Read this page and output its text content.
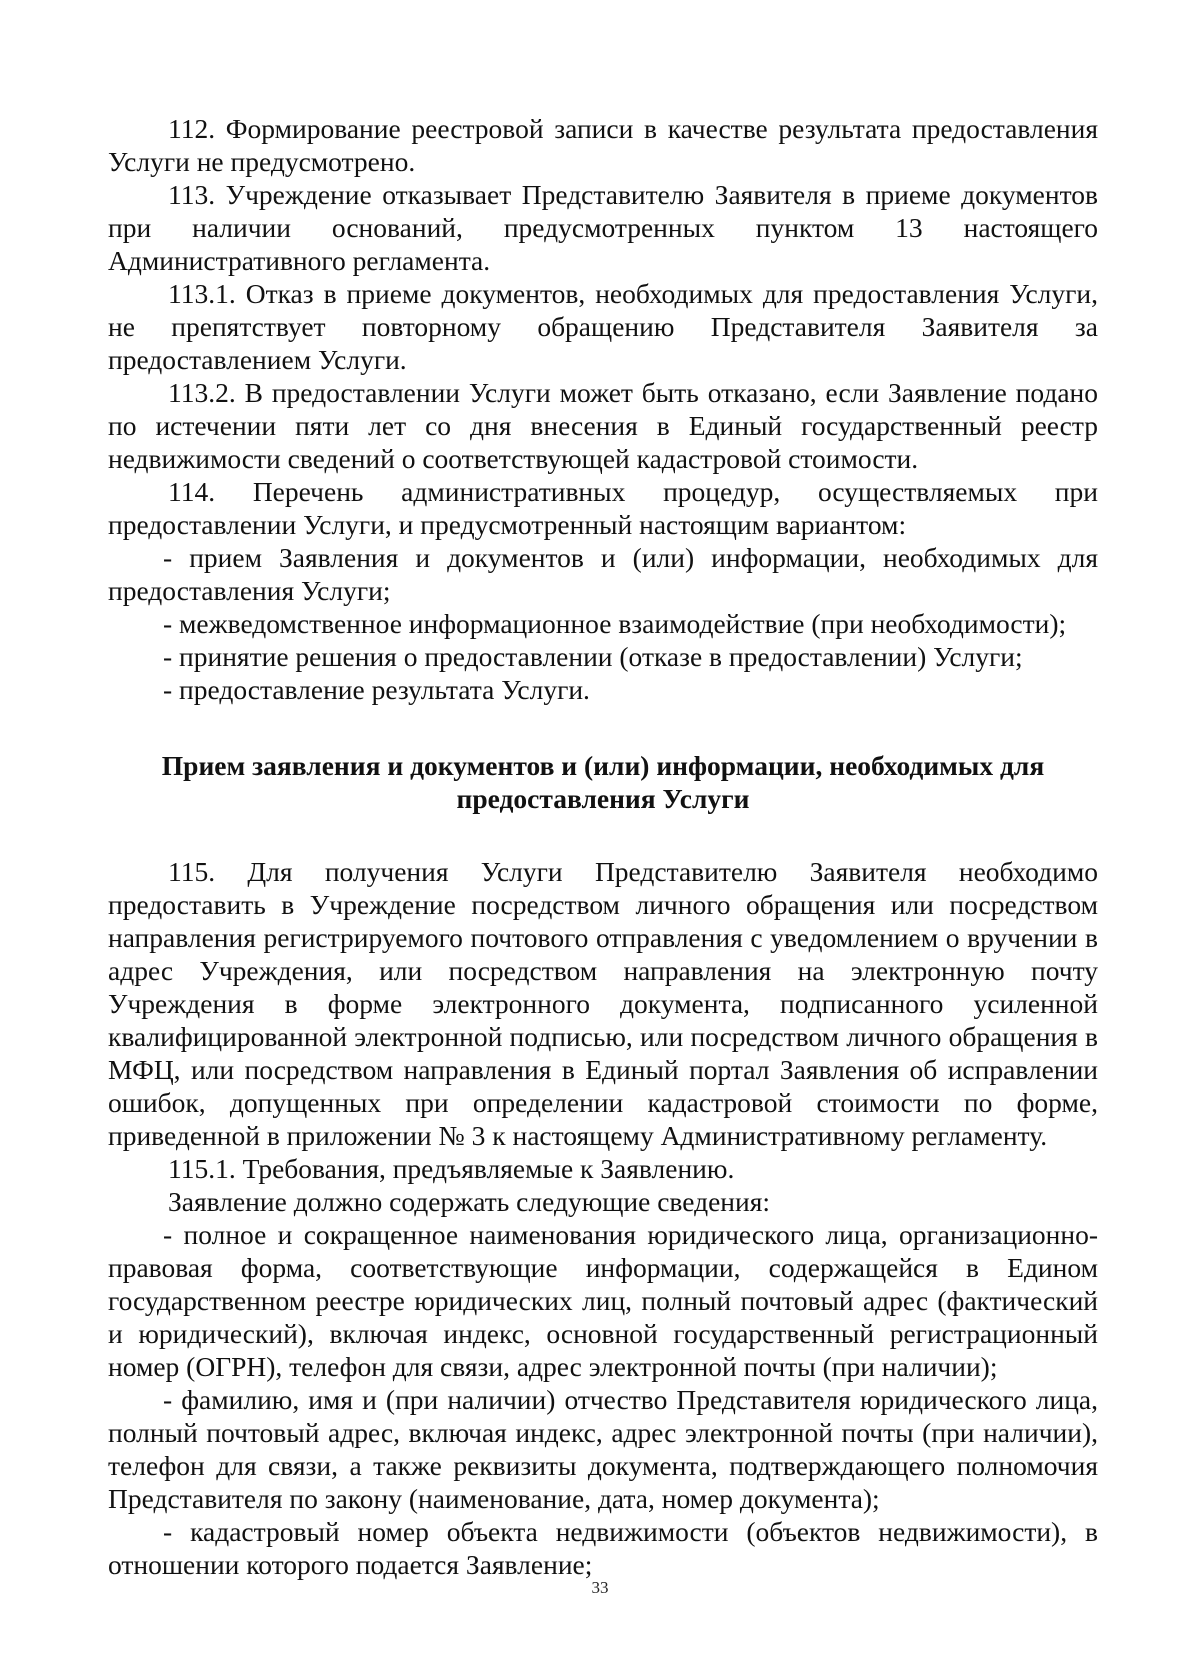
112. Формирование реестровой записи в качестве результата предоставления Услуги не предусмотрено.

113. Учреждение отказывает Представителю Заявителя в приеме документов при наличии оснований, предусмотренных пунктом 13 настоящего Административного регламента.

113.1. Отказ в приеме документов, необходимых для предоставления Услуги, не препятствует повторному обращению Представителя Заявителя за предоставлением Услуги.

113.2. В предоставлении Услуги может быть отказано, если Заявление подано по истечении пяти лет со дня внесения в Единый государственный реестр недвижимости сведений о соответствующей кадастровой стоимости.

114. Перечень административных процедур, осуществляемых при предоставлении Услуги, и предусмотренный настоящим вариантом:

- прием Заявления и документов и (или) информации, необходимых для предоставления Услуги;

- межведомственное информационное взаимодействие (при необходимости);

- принятие решения о предоставлении (отказе в предоставлении) Услуги;

- предоставление результата Услуги.

Прием заявления и документов и (или) информации, необходимых для предоставления Услуги

115. Для получения Услуги Представителю Заявителя необходимо предоставить в Учреждение посредством личного обращения или посредством направления регистрируемого почтового отправления с уведомлением о вручении в адрес Учреждения, или посредством направления на электронную почту Учреждения в форме электронного документа, подписанного усиленной квалифицированной электронной подписью, или посредством личного обращения в МФЦ, или посредством направления в Единый портал Заявления об исправлении ошибок, допущенных при определении кадастровой стоимости по форме, приведенной в приложении № 3 к настоящему Административному регламенту.

115.1. Требования, предъявляемые к Заявлению.

Заявление должно содержать следующие сведения:

- полное и сокращенное наименования юридического лица, организационно-правовая форма, соответствующие информации, содержащейся в Едином государственном реестре юридических лиц, полный почтовый адрес (фактический и юридический), включая индекс, основной государственный регистрационный номер (ОГРН), телефон для связи, адрес электронной почты (при наличии);

- фамилию, имя и (при наличии) отчество Представителя юридического лица, полный почтовый адрес, включая индекс, адрес электронной почты (при наличии), телефон для связи, а также реквизиты документа, подтверждающего полномочия Представителя по закону (наименование, дата, номер документа);

- кадастровый номер объекта недвижимости (объектов недвижимости), в отношении которого подается Заявление;

33
